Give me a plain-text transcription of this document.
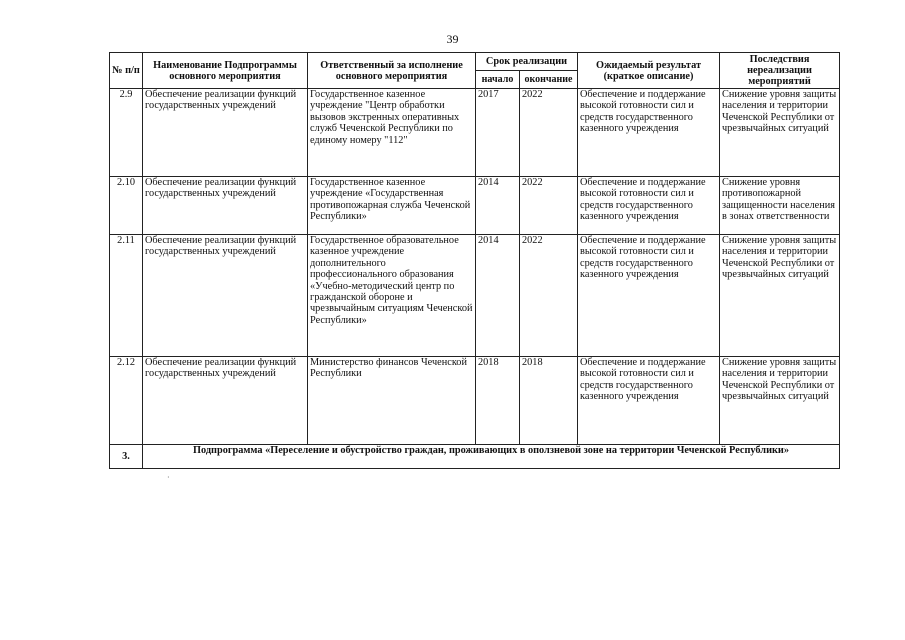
39
№ п/п	Наименование Подпрограммы основного мероприятия	Ответственный за исполнение основного мероприятия	Срок реализации		Ожидаемый результат (краткое описание)	Последствия нереализации мероприятий
			начало	окончание		
2.9	Обеспечение реализации функций государственных учреждений	Государственное казенное учреждение "Центр обработки вызовов экстренных оперативных служб Чеченской Республики по единому номеру "112"	2017	2022	Обеспечение и поддержание высокой готовности сил и средств государственного казенного учреждения	Снижение уровня защиты населения и территории Чеченской Республики от чрезвычайных ситуаций
2.10	Обеспечение реализации функций государственных учреждений	Государственное казенное учреждение «Государственная противопожарная служба Чеченской Республики»	2014	2022	Обеспечение и поддержание высокой готовности сил и средств государственного казенного учреждения	Снижение уровня противопожарной защищенности населения в зонах ответственности
2.11	Обеспечение реализации функций государственных учреждений	Государственное образовательное казенное учреждение дополнительного профессионального образования «Учебно-методический центр по гражданской обороне и чрезвычайным ситуациям Чеченской Республики»	2014	2022	Обеспечение и поддержание высокой готовности сил и средств государственного казенного учреждения	Снижение уровня защиты населения и территории Чеченской Республики от чрезвычайных ситуаций
2.12	Обеспечение реализации функций государственных учреждений	Министерство финансов Чеченской Республики	2018	2018	Обеспечение и поддержание высокой готовности сил и средств государственного казенного учреждения	Снижение уровня защиты населения и территории Чеченской Республики от чрезвычайных ситуаций
3.	Подпрограмма «Переселение и обустройство граждан, проживающих в оползневой зоне на территории Чеченской Республики»					
·
